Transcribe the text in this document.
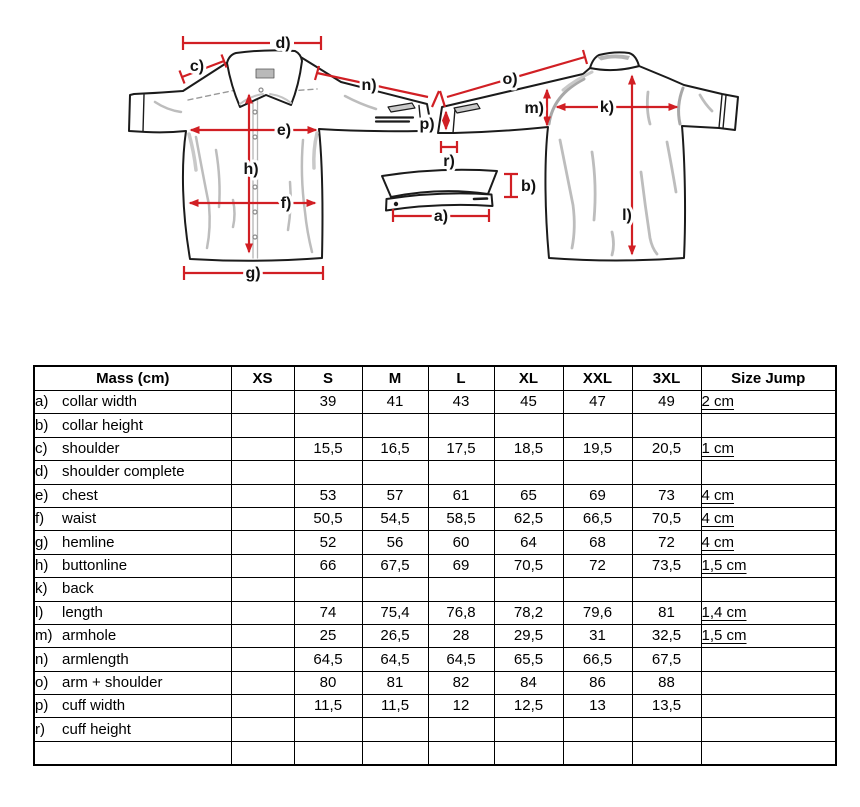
d)
c)
n)	o)
e)
f)
h)
g)
p)
r)
m)	k)
l)
b)
a)
Mass (cm)	XS	S	M	L	XL	XXL	3XL	Size Jump
a) collar width		39	41	43	45	47	49	2 cm
b) collar height								
c) shoulder		15,5	16,5	17,5	18,5	19,5	20,5	1 cm
d) shoulder complete								
e) chest		53	57	61	65	69	73	4 cm
f) waist		50,5	54,5	58,5	62,5	66,5	70,5	4 cm
g) hemline		52	56	60	64	68	72	4 cm
h) buttonline		66	67,5	69	70,5	72	73,5	1,5 cm
k) back								
l) length		74	75,4	76,8	78,2	79,6	81	1,4 cm
m) armhole		25	26,5	28	29,5	31	32,5	1,5 cm
n) armlength		64,5	64,5	64,5	65,5	66,5	67,5	
o) arm + shoulder		80	81	82	84	86	88	
p) cuff width		11,5	11,5	12	12,5	13	13,5	
r) cuff height								
